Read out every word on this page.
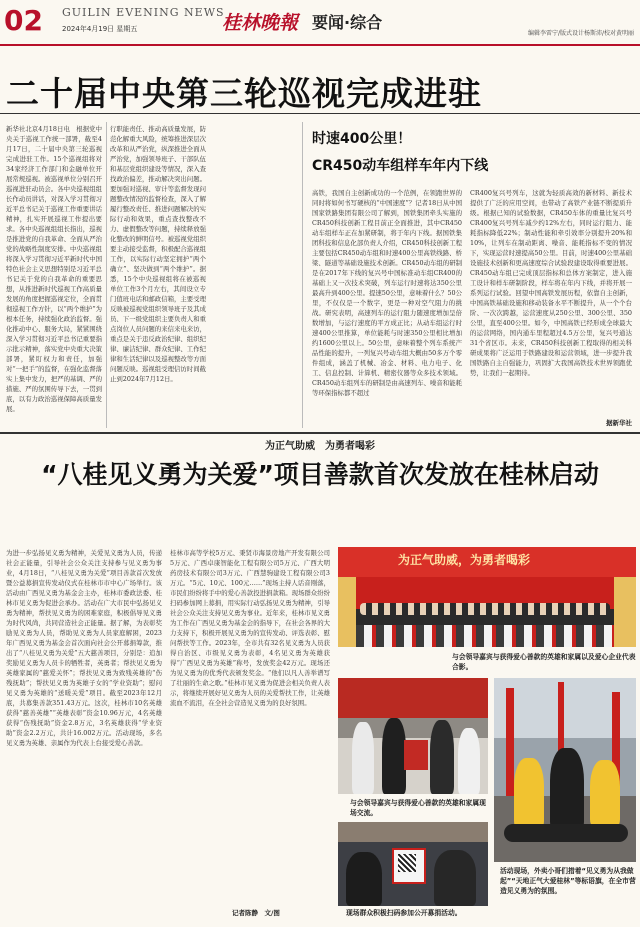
02	GUILIN EVENING NEWS
2024年4月19日 星期五	桂林晚報 要闻·综合
编辑李雷宁/版式设计杨斯沛/校对黄明丽
二十届中央第三轮巡视完成进驻
新华社北京4月18日电　根据党中央关于巡视工作统一部署，截至4月17日，二十届中央第三轮巡视完成进驻工作。15个巡视组将对34家经济工作部门和金融单位开展常规巡视。被巡视单位分别召开巡视进驻动员会。各中央巡视组组长作动员讲话，对深入学习贯彻习近平总书记关于巡视工作重要讲话精神，扎实开展巡视工作提出要求。各中央巡视组组长指出，巡视是推进党的自我革命、全面从严治党的战略性制度安排。中央巡视组将深入学习贯彻习近平新时代中国特色社会主义思想特别是习近平总书记关于党的自我革命的重要思想，从推进新时代巡视工作高质量发展的角度把握巡视定位，全面贯彻巡视工作方针，以“两个维护”为根本任务，持续强化政治监督。强化推动中心、服务大局，紧紧围绕深入学习贯彻习近平总书记重要指示批示精神，落实党中央重大决策部署，紧盯权力和责任，加强对“一把手”的监督，在强化监督落实上集中发力，把严的基调、严的措施、严的氛围传导下去，一贯到底，以有力政治巡视保障高质量发展。
行职能责任、推动高质量发展，防范化解重大风险，统筹推进深层次改革和从严治党，纵深推进全面从严治党，加强领导班子、干部队伍和基层党组织建设等情况，深入查找政治偏差，推动解决突出问题。要加强对巡视、审计等监督发现问题整改情况的监督检查，深入了解履行整改责任、推进问题解决的实际行动和效果，重点查找整改不力、虚假整改等问题，持续释放强化整改的鲜明信号。被巡视党组织要主动接受监督，积极配合巡视组工作，以实际行动坚定拥护“两个确立”、坚决做到“两个维护”。据悉，15个中央巡视组将在被巡视单位工作3个月左右，其间设立专门值班电话和邮政信箱，主要受理反映被巡视党组织领导班子及其成员、下一级党组织主要负责人和重点岗位人员问题的来信来电来访，重点是关于违反政治纪律、组织纪律、廉洁纪律、群众纪律、工作纪律和生活纪律以及巡视整改等方面问题反映。巡视组受理信访时间截止到2024年7月12日。
时速400公里！
CR450动车组样车年内下线
高铁，我国自主创新成功的一个范例，在领跑世界的同时将如何书写硬核的“中国速度”？记者18日从中国国家铁路集团有限公司了解到，国铁集团牵头实施的CR450科技创新工程目前正全面推进，其中CR450动车组样车正在加紧研制，将于年内下线。据国铁集团科技和信息化部负责人介绍，CR450科技创新工程主要包括CR450动车组和时速400公里高铁线路、桥梁、隧道等基础设施技术创新。CR450动车组的研制是在2017年下线的复兴号中国标准动车组CR400的基础上又一次技术突破，列车运行时速将达350公里最高升到400公里。提速50公里，意味着什么？50公里，不仅仅是一个数字，更是一种对空气阻力的挑战。研究表明，高速列车的运行阻力随速度增加呈倍数增加，与运行速度的平方成正比；从动车组运行时速400公里推算，单位能耗与时速350公里相比增加约1600公里以上。50公里，意味着整个列车系统产品性能的提升，一列复兴号动车组大概由50多万个零件组成，涵盖了机械、冶金、材料、电力电子、化工、信息控制、计算机、精密仪器等众多技术领域。CR450动车组列车的研制是由高速列车、噪音和能耗等环保指标都不超过
CR400复兴号列车，这就为轻质高效的新材料、新技术提供了广泛的应用空间，也带动了高铁产业链不断提质升级。根据已知的试验数据，CR450车体的重量比复兴号CR400复兴号列车减少约12%左右，同时运行阻力、能耗指标降低22%；制动性能和牵引效率分别提升20%和10%，让列车在制动距离、噪音、能耗指标不变的情况下，实现运营时速提高50公里。目前，时速400公里基础设施技术创新和更高速度综合试验段建设取得重要进展。CR450动车组已完成顶层指标和总体方案制定，进入施工设计和样车研制阶段，样车将在年内下线，并将开展一系列运行试验。回望中国高铁发展历程，依靠自主创新，中国高铁基础设施和移动装备水平不断提升，从一个个台阶、一次次跨越，运营速度从250公里、300公里、350公里，直至400公里。如今，中国高铁已经形成全球最大的运营网络，国内通车里程超过4.5万公里，复兴号通达31个省区市。未来，CR450科技创新工程取得的相关科研成果将广泛运用于铁路建设和运营领域，进一步提升我国铁路自主自强能力，巩固扩大我国高铁技术世界领跑优势，让我们一起期待。
据新华社
为正气助威　为勇者喝彩
“八桂见义勇为关爱”项目善款首次发放在桂林启动
为进一步弘扬见义勇为精神，关爱见义勇为人员，传递社会正能量，引导社会公众关注支持参与见义勇为事业，4月18日，“八桂见义勇为关爱”项目善款首次发放暨公益募捐宣传发动仪式在桂林市市中心广场举行。该活动由广西见义勇为基金会主办，桂林市委政法委、桂林市见义勇为促进会承办。活动在广大市民中弘扬见义勇为精神，帮扶见义勇为的困难家庭，积极倡导见义勇为时代风尚，共同营造社会正能量。据了解，为表彰奖励见义勇为人员，帮助见义勇为人员家庭解困，2023年广西见义勇为基金会首次面向社会公开募捐筹款，推出了“八桂见义勇为关爱”五大慈善项目，分别是：追加奖励见义勇为人员卡的牺牲者，英勇者；帮扶见义勇为英雄家属的“慈爱关怀”；帮扶见义勇为致残英雄的“伤残抚助”；帮扶见义勇为英雄子女的“学业资助”；慰问见义勇为英雄的“送暖关爱”项目。截至2023年12月底，共募集善款351.43万元。这次，桂林市10名英雄获得“慈善英雄”“英雄表彰”资金10.96万元，4名英雄获得“伤残抚助”资金2.8万元，3名英雄获得“学业资助”资金2.2万元，共计16.002万元。活动现场，多名见义勇为英雄、亲属作为代表上台接受爱心善款。
桂林市高等学校5万元、秉贤市海景房地产开发有限公司5万元、广西卓康智能化工程有限公司5万元、广西大明药房技术有限公司3万元、广西慧驹建设工程有限公司3万元。“5元、10元、100元……”现场主持人话音刚落，市民们纷纷将手中的爱心善款投进捐款箱。现场群众纷纷扫码参加网上募捐，用实际行动弘扬见义勇为精神，引导社会公众关注支持见义勇为事业。近年来，桂林市见义勇为工作在广西见义勇为基金会的指导下，在社会各界的大力支持下，积极开展见义勇为的宣传发动、评选表彰、慰问帮扶等工作。2023年，全市共有32名见义勇为人员获得自治区、市级见义勇为表彰，4名见义勇为英雄获得“广西见义勇为英雄”称号，发放奖金42万元。现场还为见义勇为的优秀代表颁发奖金。“他们以凡人善举谱写了壮丽的生命之歌。”桂林市见义勇为促进会相关负责人表示，将继续开展好见义勇为人员的关爱帮扶工作，让英雄流血不流泪，在全社会营造见义勇为的良好氛围。
记者陈静　文/图
为正气助威，为勇者喝彩
与会领导嘉宾与获得爱心善款的英雄和家属以及爱心企业代表合影。
与会领导嘉宾与获得爱心善款的英雄和家属现场交流。
现场群众积极扫码参加公开募捐活动。
活动现场，外卖小哥们措着“见义勇为从我做起”“天地正气大爱桂林”等标语旗，在全市营造见义勇为的氛围。
